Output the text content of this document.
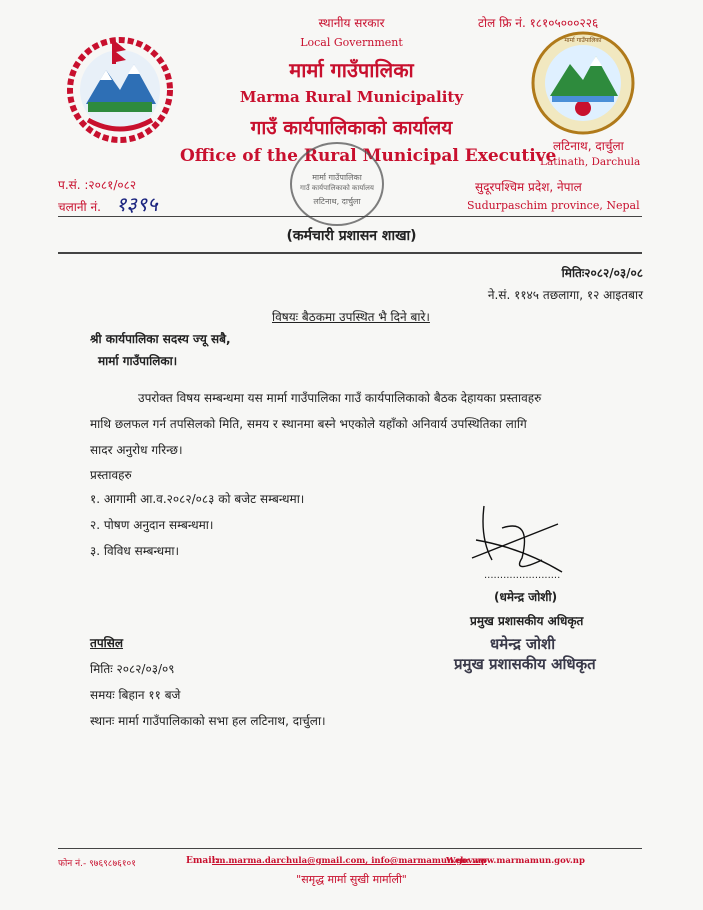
स्थानीय सरकार
Local Government
मार्मा गाउँपालिका
Marma Rural Municipality
गाउँ कार्यपालिकाको कार्यालय
Office of the Rural Municipal Executive
टोल फ्रि नं. १८१०५०००२२६
मार्मा गाउँपालिका
लटिनाथ, दार्चुला
Latinath, Darchula
सुदूरपश्चिम प्रदेश, नेपाल
Sudurpaschim province, Nepal
प.सं. :२०८१/०८२
चलानी नं. १३९५
मार्मा गाउँपालिका
गाउँ कार्यपालिकाको कार्यालय
लटिनाथ, दार्चुला
(कर्मचारी प्रशासन शाखा)
मितिः२०८२/०३/०८
ने.सं. ११४५ तछलागा, १२ आइतबार
विषयः बैठकमा उपस्थित भै दिने बारे।
श्री कार्यपालिका सदस्य ज्यू सबै,
मार्मा गाउँपालिका।
उपरोक्त विषय सम्बन्धमा यस मार्मा गाउँपालिका गाउँ कार्यपालिकाको बैठक देहायका प्रस्तावहरु
माथि छलफल गर्न तपसिलको मिति, समय र स्थानमा बस्ने भएकोले यहाँको अनिवार्य उपस्थितिका लागि
सादर अनुरोध गरिन्छ।
प्रस्तावहरु
१. आगामी आ.व.२०८२/०८३ को बजेट सम्बन्धमा।
२. पोषण अनुदान सम्बन्धमा।
३. विविध सम्बन्धमा।
........................
(धमेन्द्र जोशी)
प्रमुख प्रशासकीय अधिकृत
धमेन्द्र जोशी
प्रमुख प्रशासकीय अधिकृत
तपसिल
मितिः २०८२/०३/०९
समयः बिहान ११ बजे
स्थानः मार्मा गाउँपालिकाको सभा हल लटिनाथ, दार्चुला।
फोन नं.- ९७६९८७६१०१	Email:
rm.marma.darchula@gmail.com, info@marmamun.gov.np
Web: www.marmamun.gov.np
"समृद्ध मार्मा सुखी मार्माली"
